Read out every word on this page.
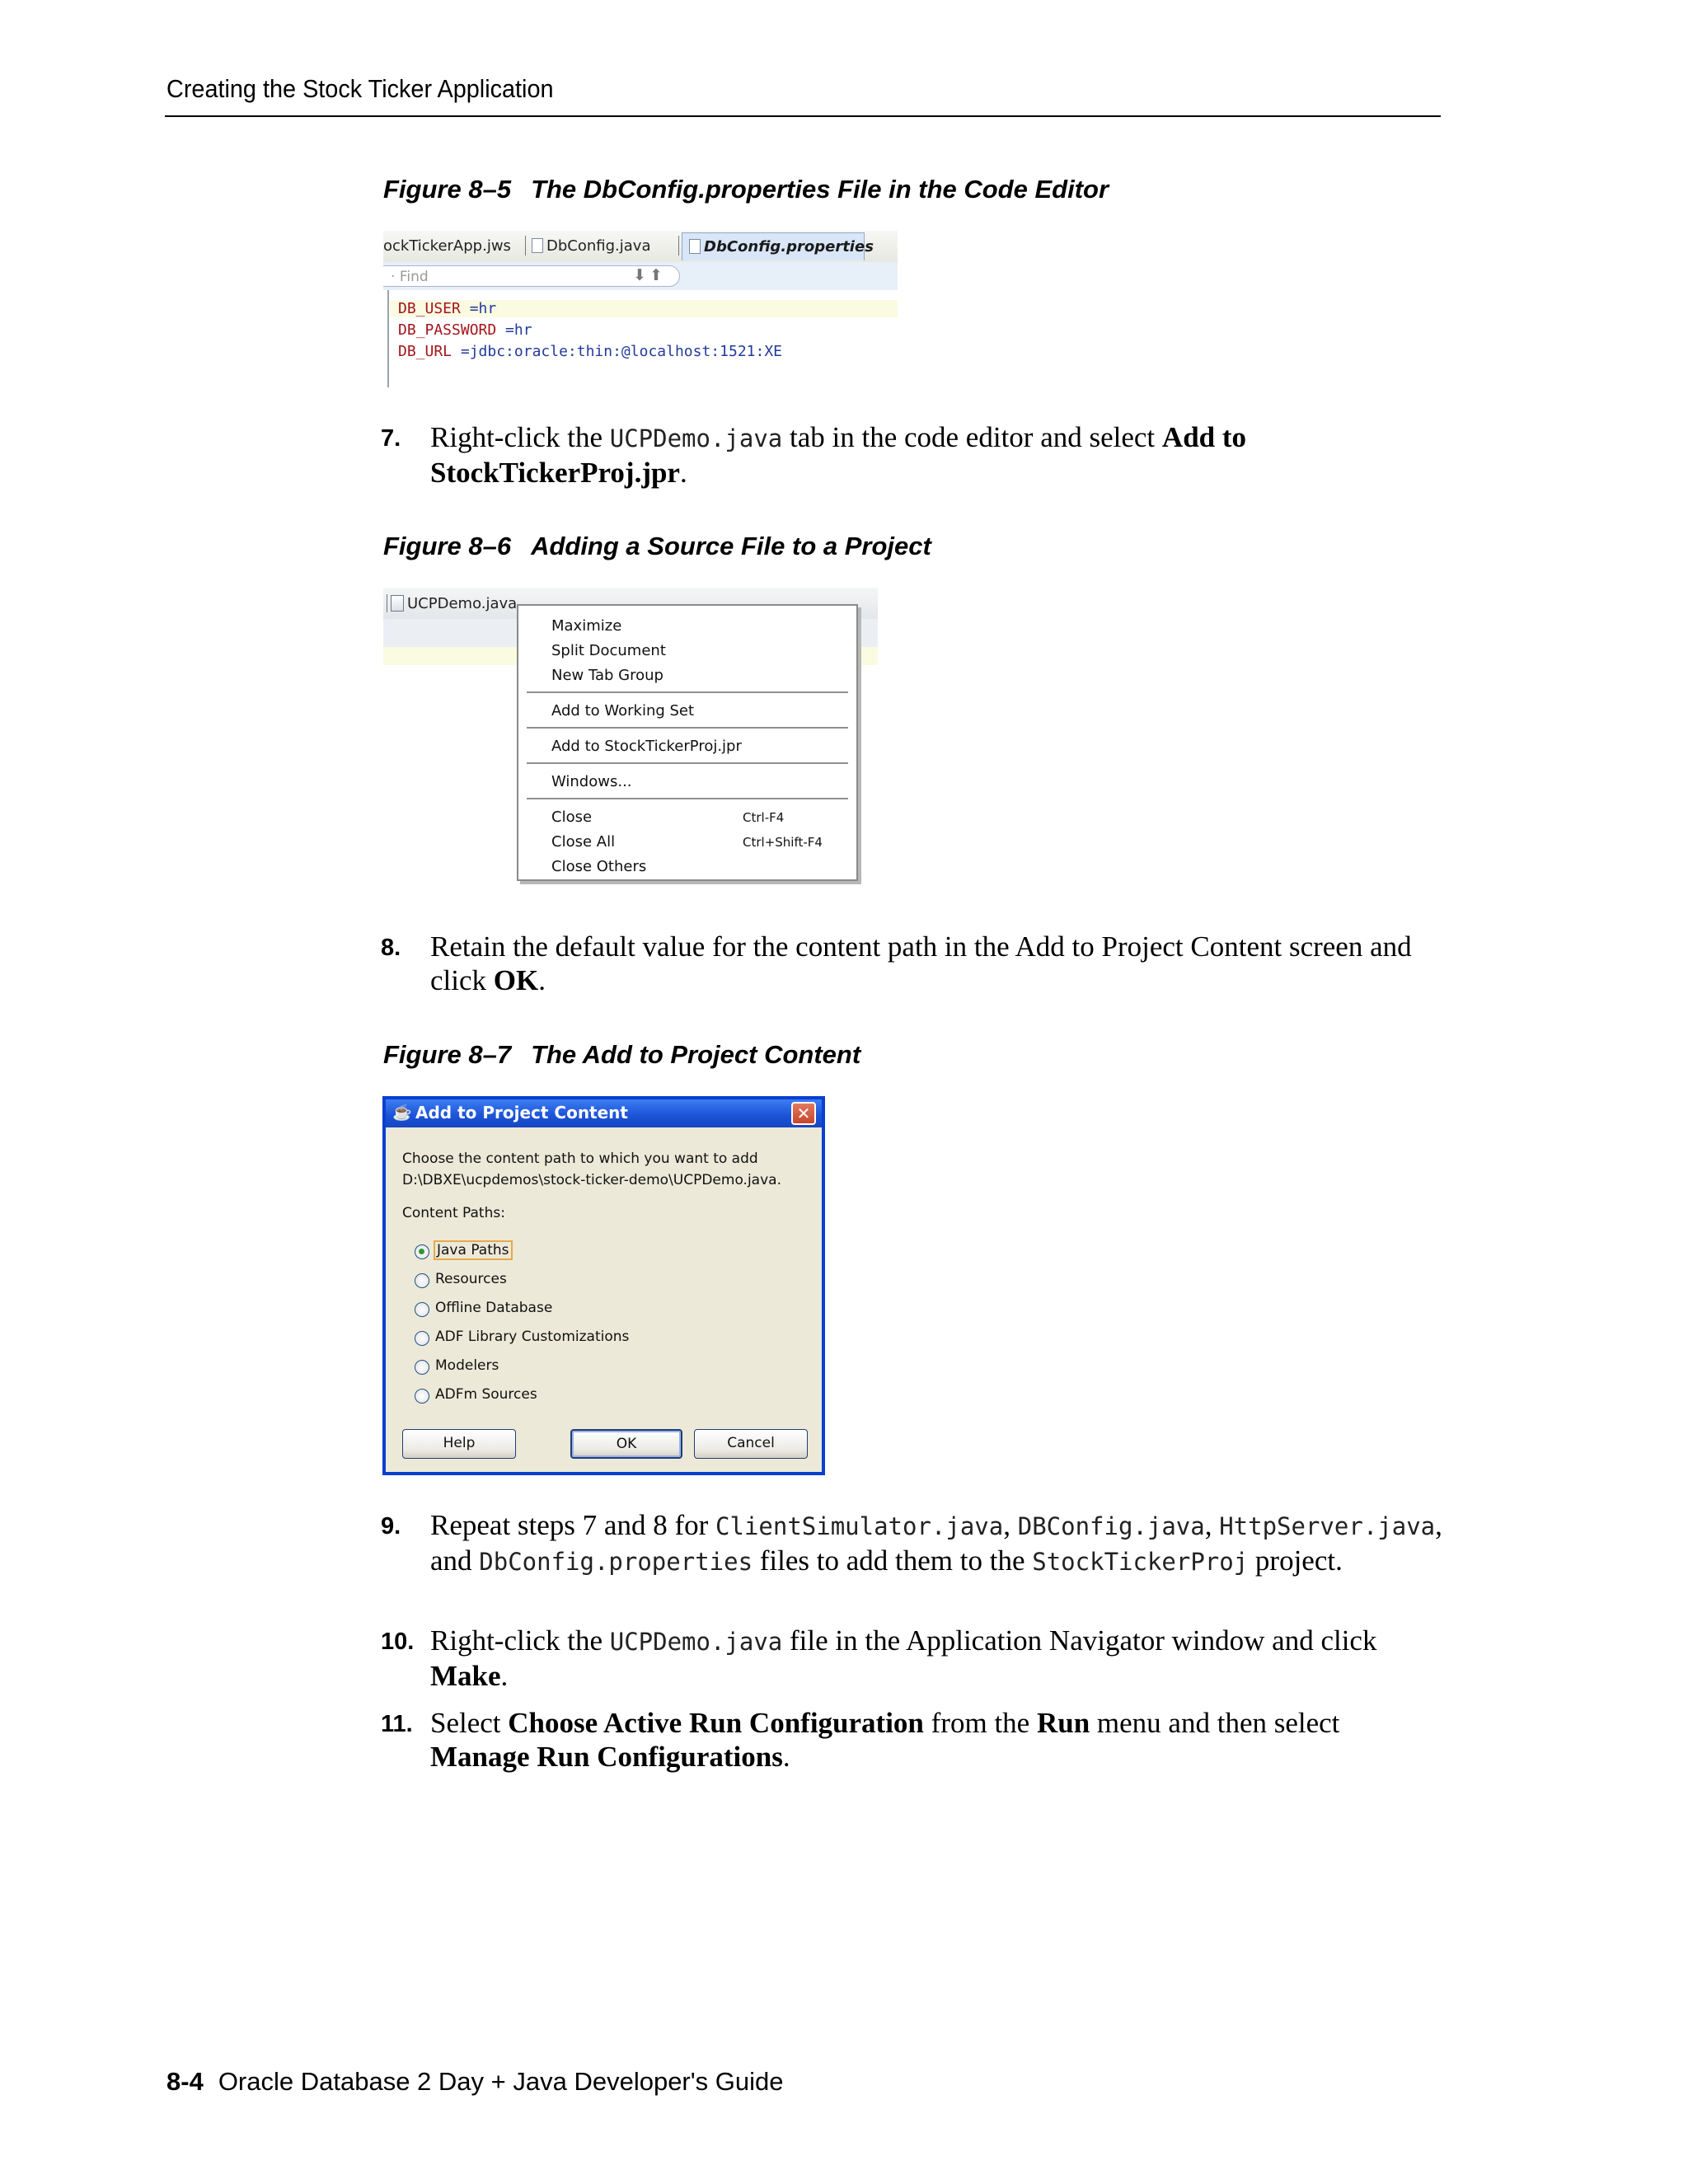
Creating the Stock Ticker Application
Figure 8–5 The DbConfig.properties File in the Code Editor
ockTickerApp.jws	DbConfig.java	DbConfig.properties
· Find	⬇ ⬆
DB_USER =hr
DB_PASSWORD =hr
DB_URL =jdbc:oracle:thin:@localhost:1521:XE
7. Right-click the UCPDemo.java tab in the code editor and select Add to StockTickerProj.jpr.
Figure 8–6 Adding a Source File to a Project
UCPDemo.java
Maximize
Split Document
New Tab Group
Add to Working Set
Add to StockTickerProj.jpr
Windows...
Close	Ctrl-F4
Close All	Ctrl+Shift-F4
Close Others
8. Retain the default value for the content path in the Add to Project Content screen and click OK.
Figure 8–7 The Add to Project Content
☕ Add to Project Content	✕
Choose the content path to which you want to add
D:\DBXE\ucpdemos\stock-ticker-demo\UCPDemo.java.
Content Paths:
Java Paths
Resources
Offline Database
ADF Library Customizations
Modelers
ADFm Sources
Help	OK	Cancel
9. Repeat steps 7 and 8 for ClientSimulator.java, DBConfig.java, HttpServer.java, and DbConfig.properties files to add them to the StockTickerProj project.
10. Right-click the UCPDemo.java file in the Application Navigator window and click Make.
11. Select Choose Active Run Configuration from the Run menu and then select Manage Run Configurations.
8-4 Oracle Database 2 Day + Java Developer's Guide
